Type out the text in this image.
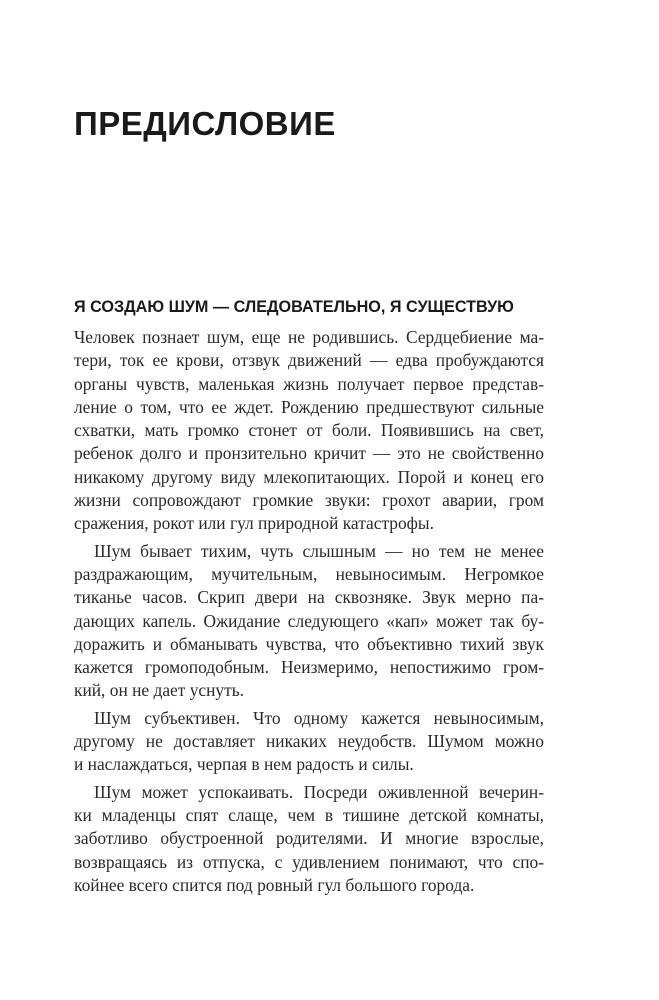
ПРЕДИСЛОВИЕ
Я СОЗДАЮ ШУМ — СЛЕДОВАТЕЛЬНО, Я СУЩЕСТВУЮ
Человек познает шум, еще не родившись. Сердцебиение ма-
тери, ток ее крови, отзвук движений — едва пробуждаются
органы чувств, маленькая жизнь получает первое представ-
ление о том, что ее ждет. Рождению предшествуют сильные
схватки, мать громко стонет от боли. Появившись на свет,
ребенок долго и пронзительно кричит — это не свойственно
никакому другому виду млекопитающих. Порой и конец его
жизни сопровождают громкие звуки: грохот аварии, гром
сражения, рокот или гул природной катастрофы.
Шум бывает тихим, чуть слышным — но тем не менее
раздражающим, мучительным, невыносимым. Негромкое
тиканье часов. Скрип двери на сквозняке. Звук мерно па-
дающих капель. Ожидание следующего «кап» может так бу-
доражить и обманывать чувства, что объективно тихий звук
кажется громоподобным. Неизмеримо, непостижимо гром-
кий, он не дает уснуть.
Шум субъективен. Что одному кажется невыносимым,
другому не доставляет никаких неудобств. Шумом можно
и наслаждаться, черпая в нем радость и силы.
Шум может успокаивать. Посреди оживленной вечерин-
ки младенцы спят слаще, чем в тишине детской комнаты,
заботливо обустроенной родителями. И многие взрослые,
возвращаясь из отпуска, с удивлением понимают, что спо-
койнее всего спится под ровный гул большого города.
